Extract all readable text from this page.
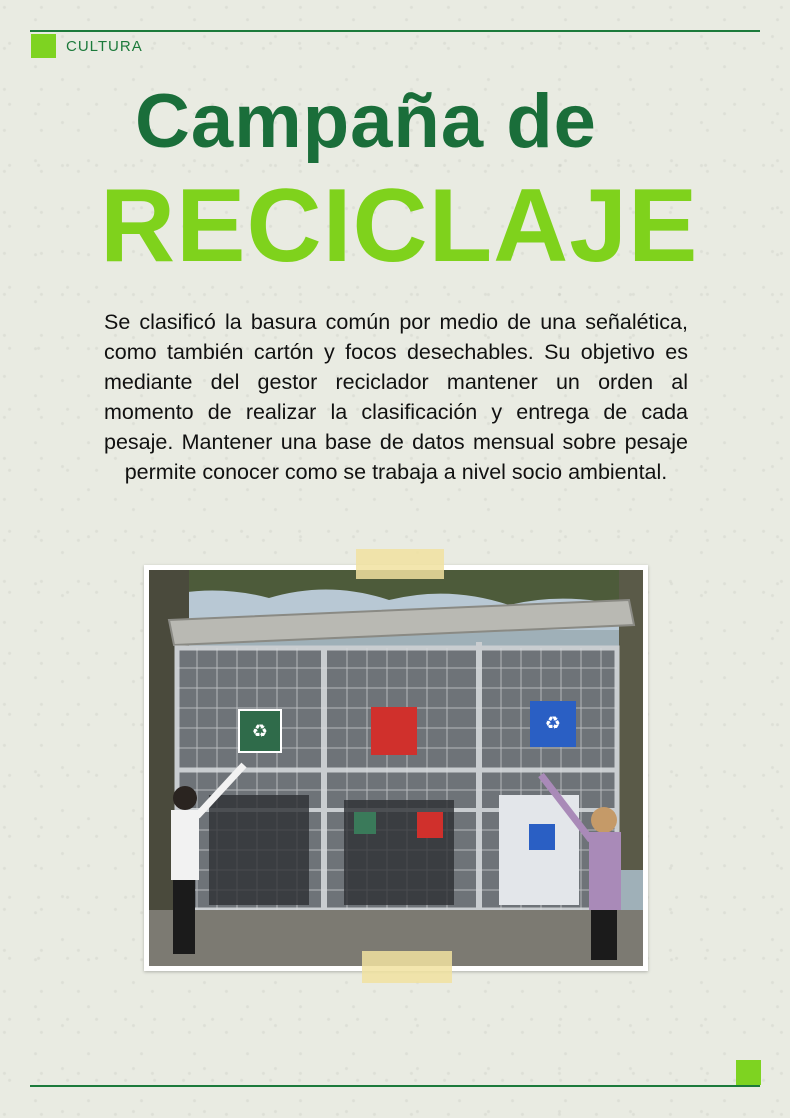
CULTURA
Campaña de
RECICLAJE
Se clasificó la basura común por medio de una señalética, como también cartón y focos desechables. Su objetivo es mediante del gestor reciclador mantener un orden al momento de realizar la clasificación y entrega de cada pesaje. Mantener una base de datos mensual sobre pesaje permite conocer como se trabaja a nivel socio ambiental.
♻	♻
